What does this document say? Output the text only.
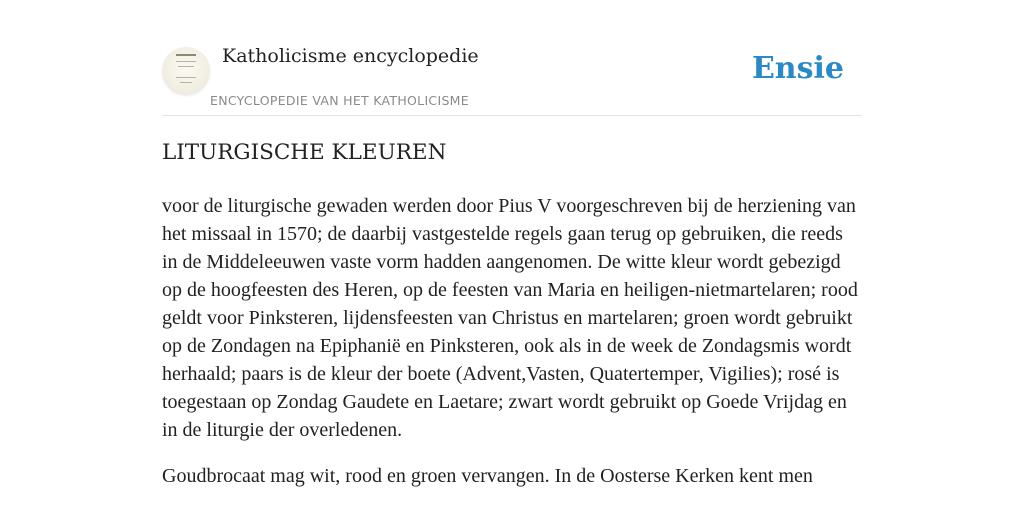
Katholicisme encyclopedie
ENCYCLOPEDIE VAN HET KATHOLICISME
Ensie
LITURGISCHE KLEUREN

voor de liturgische gewaden werden door Pius V voorgeschreven bij de herziening van het missaal in 1570; de daarbij vastgestelde regels gaan terug op gebruiken, die reeds in de Middeleeuwen vaste vorm hadden aangenomen. De witte kleur wordt gebezigd op de hoogfeesten des Heren, op de feesten van Maria en heiligen-nietmartelaren; rood geldt voor Pinksteren, lijdensfeesten van Christus en martelaren; groen wordt gebruikt op de Zondagen na Epiphanië en Pinksteren, ook als in de week de Zondagsmis wordt herhaald; paars is de kleur der boete (Advent,Vasten, Quatertemper, Vigilies); rosé is toegestaan op Zondag Gaudete en Laetare; zwart wordt gebruikt op Goede Vrijdag en in de liturgie der overledenen.

Goudbrocaat mag wit, rood en groen vervangen. In de Oosterse Kerken kent men
